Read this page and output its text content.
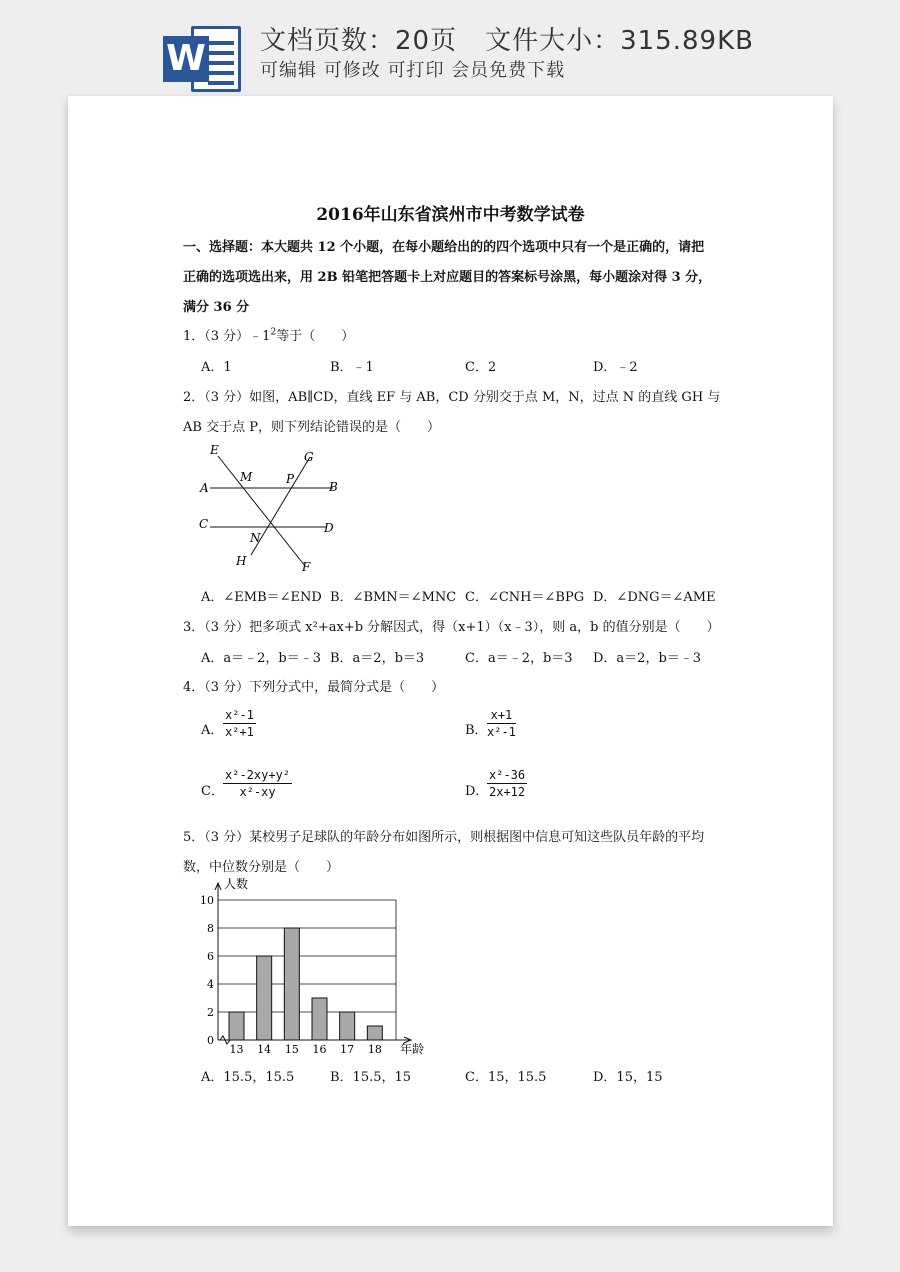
W 文档页数：20页 文件大小：315.89KB
可编辑 可修改 可打印 会员免费下载
2016年山东省滨州市中考数学试卷

一、选择题：本大题共 12 个小题，在每小题给出的的四个选项中只有一个是正确的，请把

正确的选项选出来，用 2B 铅笔把答题卡上对应题目的答案标号涂黑，每小题涂对得 3 分，

满分 36 分

1．（3 分）$﹣1^2$等于（　　）
A．1	B．﹣1	C．2	D．﹣2
2．（3 分）如图，AB∥CD，直线 EF 与 AB，CD 分别交于点 M，N，过点 N 的直线 GH 与
AB 交于点 P，则下列结论错误的是（　　）
E
M	P
G
A	B
C	D
N
H	F
A．∠EMB＝∠END B．∠BMN＝∠MNC C．∠CNH＝∠BPG D．∠DNG＝∠AME
3．（3 分）把多项式 x²+ax+b 分解因式，得（x+1）（x﹣3），则 a，b 的值分别是（　　）
A．a＝﹣2，b＝﹣3 B．a＝2，b＝3	C．a＝﹣2，b＝3 D．a＝2，b＝﹣3
4．（3 分）下列分式中，最简分式是（　　）
A． $\frac{\text{x²-1}}{\text{x²+1}}$	B． $\frac{x+1}{\text{x²-1}}$
C． $\frac{\text{x²-2xy+y²}}{\text{x²-xy}}$	D．
$\frac{\text{x²-36}}{2x+12}$
5．（3 分）某校男子足球队的年龄分布如图所示，则根据图中信息可知这些队员年龄的平均
数，中位数分别是（　　）
0
2
4
6
8
10
人数
年龄
13 14 15 16 17 18
A．15.5，15.5	B．15.5，15	C．15，15.5	D．15，15
